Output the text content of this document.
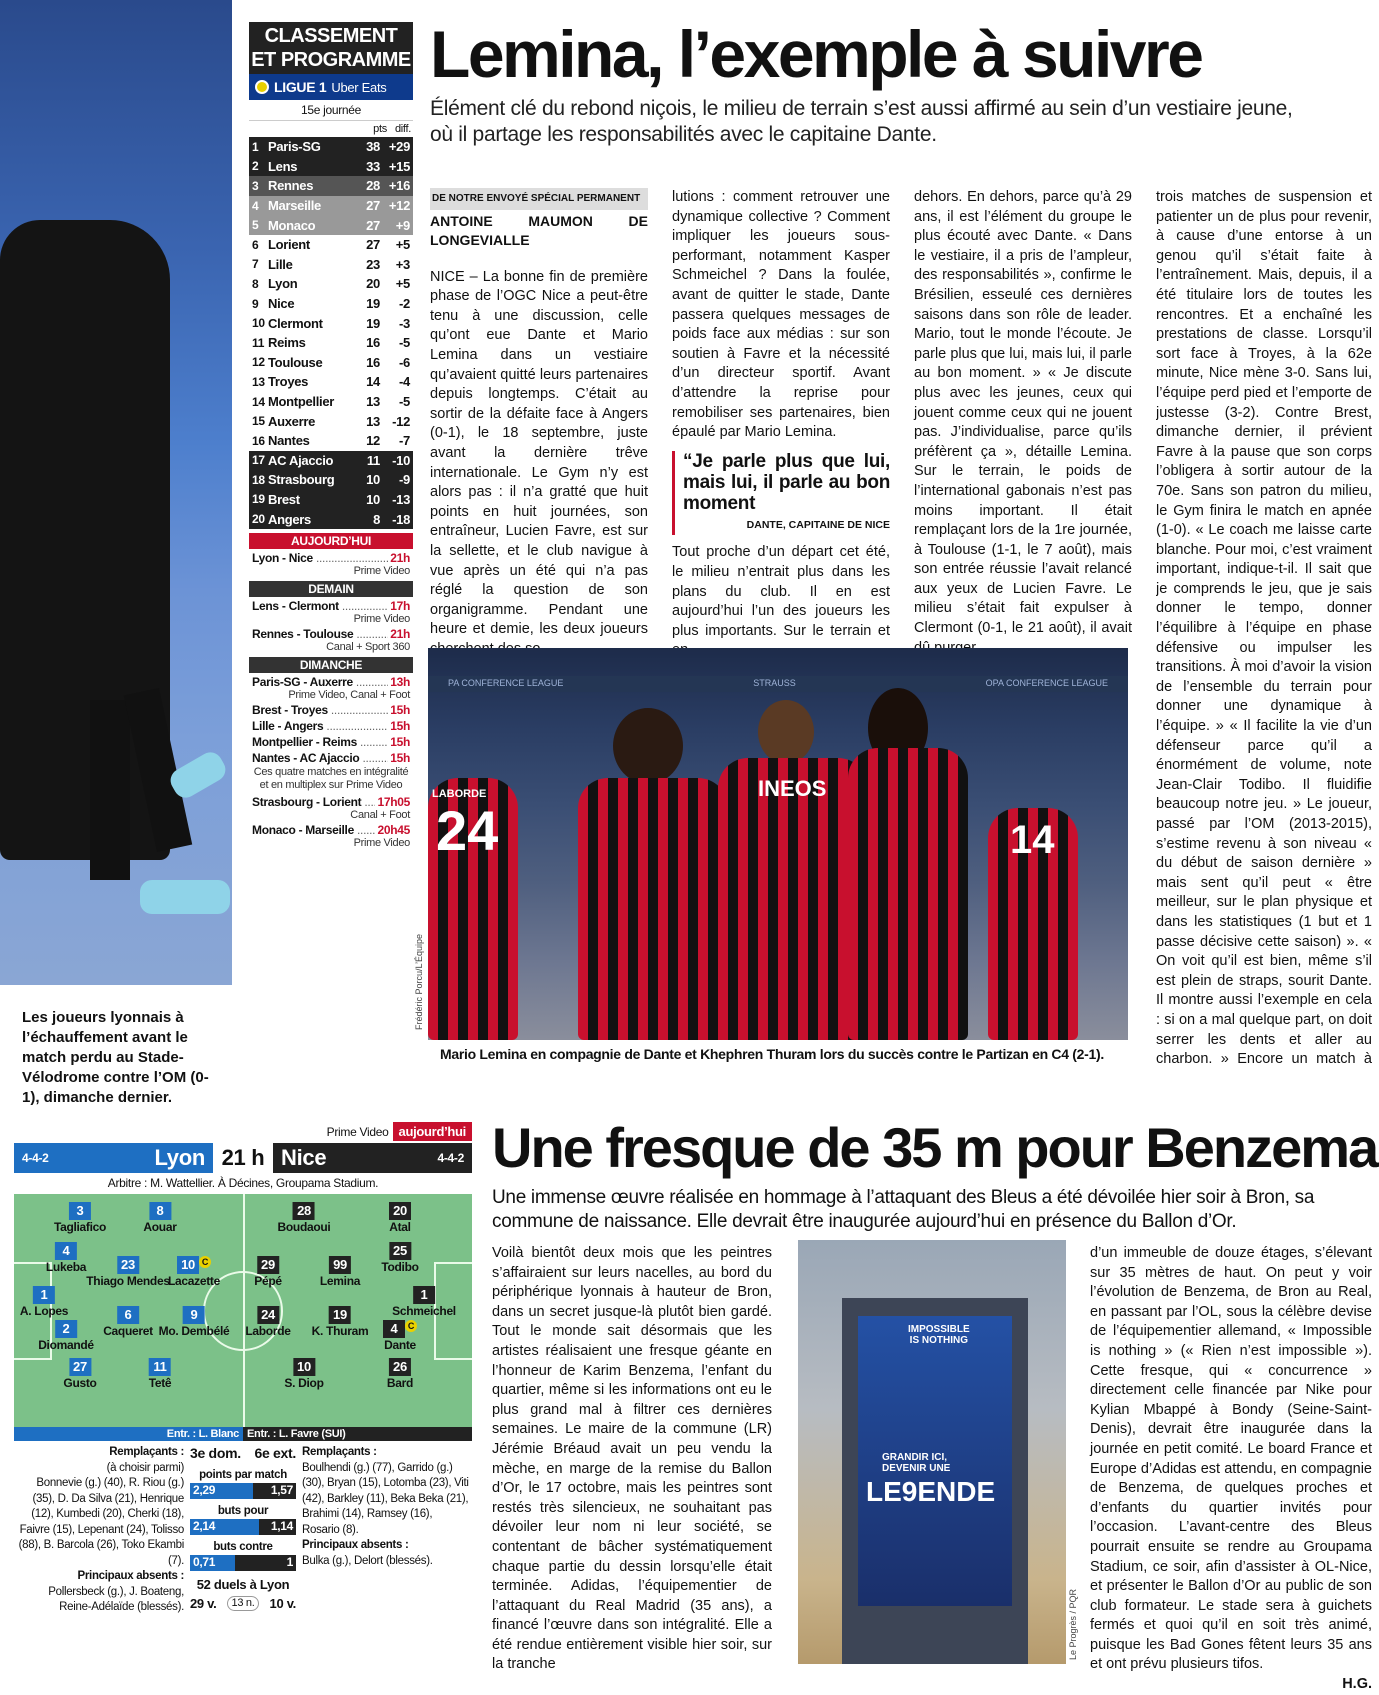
Les joueurs lyonnais à l’échauffement avant le match perdu au Stade-Vélodrome contre l’OM (0-1), dimanche dernier.
CLASSEMENT
ET PROGRAMME
LIGUE 1 Uber Eats
15e journée
pts diff.
1 Paris-SG	38 +29
2 Lens	33 +15
3 Rennes	28 +16
4 Marseille	27 +12
5 Monaco	27	+9
6 Lorient	27	+5
7 Lille	23	+3
8 Lyon	20	+5
9 Nice	19	-2
10 Clermont	19	-3
11 Reims	16	-5
12 Toulouse	16	-6
13 Troyes	14	-4
14 Montpellier	13	-5
15 Auxerre	13 -12
16 Nantes	12	-7
17 AC Ajaccio	11 -10
18 Strasbourg	10	-9
19 Brest	10 -13
20 Angers	8 -18
AUJOURD’HUI
Lyon - Nice .....	21h
Prime Video
DEMAIN
Lens - Clermont .....	17h
Prime Video
Rennes - Toulouse .....	21h
Canal + Sport 360
DIMANCHE
Paris-SG - Auxerre .....	13h
Prime Video, Canal + Foot
Brest - Troyes .....	15h
Lille - Angers .....	15h
Montpellier - Reims .....	15h
Nantes - AC Ajaccio .....	15h
Ces quatre matches en intégralité et en multiplex sur Prime Video
Strasbourg - Lorient .....	17h05
Canal + Foot
Monaco - Marseille .....	20h45
Prime Video
Lemina, l’exemple à suivre
Élément clé du rebond niçois, le milieu de terrain s’est aussi affirmé au sein d’un vestiaire jeune, où il partage les responsabilités avec le capitaine Dante.
DE NOTRE ENVOYÉ SPÉCIAL PERMANENT
ANTOINE MAUMON DE LONGEVIALLE
NICE – La bonne fin de première phase de l’OGC Nice a peut-être tenu à une discussion, celle qu’ont eue Dante et Mario Lemina dans un vestiaire qu’avaient quitté leurs partenaires depuis longtemps. C’était au sortir de la défaite face à Angers (0-1), le 18 septembre, juste avant la dernière trêve internationale. Le Gym n’y est alors pas : il n’a gratté que huit points en huit journées, son entraîneur, Lucien Favre, est sur la sellette, et le club navigue à vue après un été qui n’a pas réglé la question de son organigramme. Pendant une heure et demie, les deux joueurs
lutions : comment retrouver une dynamique collective ? Comment impliquer les joueurs sous-performant, notamment Kasper Schmeichel ? Dans la foulée, avant de quitter le stade, Dante passera quelques messages de poids face aux médias : sur son soutien à Favre et la nécessité d’un directeur sportif. Avant d’attendre la reprise pour remobiliser ses partenaires, bien épaulé par Mario Lemina.
“Je parle plus que lui, mais lui, il parle au bon moment
DANTE, CAPITAINE DE NICE
Tout proche d’un départ cet été, le milieu n’entrait plus dans les plans du club. Il en est aujourd’hui l’un des joueurs les plus importants. Sur le terrain et
dehors. En dehors, parce qu’à 29 ans, il est l’élément du groupe le plus écouté avec Dante. « Dans le vestiaire, il a pris de l’ampleur, des responsabilités », confirme le Brésilien, esseulé ces dernières saisons dans son rôle de leader. Mario, tout le monde l’écoute. Je parle plus que lui, mais lui, il parle au bon moment. » « Je discute plus avec les jeunes, ceux qui jouent comme ceux qui ne jouent pas. J’individualise, parce qu’ils préfèrent ça », détaille Lemina. Sur le terrain, le poids de l’international gabonais n’est pas moins important. Il était remplaçant lors de la 1re journée, à Toulouse (1-1, le 7 août), mais son entrée réussie l’avait relancé aux yeux de Lucien Favre. Le milieu s’était fait expulser à Clermont (0-1, le 21 août), il avait
trois matches de suspension et patienter un de plus pour revenir, à cause d’une entorse à un genou qu’il s’était faite à l’entraînement. Mais, depuis, il a été titulaire lors de toutes les rencontres. Et a enchaîné les prestations de classe. Lorsqu’il sort face à Troyes, à la 62e minute, Nice mène 3-0. Sans lui, l’équipe perd pied et l’emporte de justesse (3-2). Contre Brest, dimanche dernier, il prévient Favre à la pause que son corps l’obligera à sortir autour de la 70e. Sans son patron du milieu, le Gym finira le match en apnée (1-0). « Le coach me laisse carte blanche. Pour moi, c’est vraiment important, indique-t-il. Il sait que je comprends le jeu, que je sais donner le tempo, donner l’équilibre à l’équipe en phase défensive ou impulser les transitions. À moi d’avoir la vision de l’ensemble du terrain pour donner une dynamique à l’équipe. » « Il facilite la vie d’un défenseur parce qu’il a énormément de volume, note Jean-Clair Todibo. Il fluidifie beaucoup notre jeu. » Le joueur, passé par l’OM (2013-2015), s’estime revenu à son niveau « du début de saison dernière » mais sent qu’il peut « être meilleur, sur le plan physique et dans les statistiques (1 but et 1 passe décisive cette saison) ». « On voit qu’il est bien, même s’il est plein de straps, sourit Dante. Il montre aussi l’exemple en cela : si on a mal quelque part, on doit serrer les dents et aller au charbon. » Encore un match à
PA CONFERENCE LEAGUE	STRAUSS	OPA CONFERENCE LEAGUE
LABORDE
24
INEOS
14
Frédéric Porcu/L’Équipe
Mario Lemina en compagnie de Dante et Khephren Thuram lors du succès contre le Partizan en C4 (2-1).
Prime Video aujourd’hui
4-4-2	Lyon 21 h Nice	4-4-2
Arbitre : M. Wattellier. À Décines, Groupama Stadium.
3
Tagliafico
8
Aouar
4
Lukeba	23
Thiago Mendes
10 C
Lacazette
1
A. Lopes	6
Caqueret
9
Mo. Dembélé
2
Diomandé
27
Gusto
11
Tetê
28
Boudaoui
20
Atal
25
Todibo
29
Pépé
99
Lemina
1
Schmeichel
24
Laborde
19
K. Thuram	4 C
Dante
10
S. Diop
26
Bard
Entr. : L. Blanc Entr. : L. Favre (SUI)
Remplaçants :
(à choisir parmi)
Bonnevie (g.) (40), R. Riou (g.) (35), D. Da Silva (21), Henrique (12), Kumbedi (20), Cherki (18), Faivre (15), Lepenant (24), Tolisso (88), B. Barcola (26), Toko Ekambi (7).
Principaux absents :
Pollersbeck (g.), J. Boateng, Reine-Adélaïde (blessés).
3e dom. 6e ext.
points par match
2,29	1,57
buts pour
2,14	1,14
buts contre
0,71	1
52 duels à Lyon
29 v.	13 n.	10 v.
Remplaçants :
Boulhendi (g.) (77), Garrido (g.) (30), Bryan (15), Lotomba (23), Viti (42), Barkley (11), Beka Beka (21), Brahimi (14), Ramsey (16), Rosario (8).
Principaux absents :
Bulka (g.), Delort (blessés).
Une fresque de 35 m pour Benzema
Une immense œuvre réalisée en hommage à l’attaquant des Bleus a été dévoilée hier soir à Bron, sa commune de naissance. Elle devrait être inaugurée aujourd’hui en présence du Ballon d’Or.
Voilà bientôt deux mois que les peintres s’affairaient sur leurs nacelles, au bord du périphérique lyonnais à hauteur de Bron, dans un secret jusque-là plutôt bien gardé. Tout le monde sait désormais que les artistes réalisaient une fresque géante en l’honneur de Karim Benzema, l’enfant du quartier, même si les informations ont eu le plus grand mal à filtrer ces dernières semaines. Le maire de la commune (LR) Jérémie Bréaud avait un peu vendu la mèche, en marge de la remise du Ballon d’Or, le 17 octobre, mais les peintres sont restés très silencieux, ne souhaitant pas dévoiler leur nom ni leur société, se contentant de bâcher systématiquement chaque partie du dessin lorsqu’elle était terminée. Adidas, l’équipementier de l’attaquant du Real Madrid (35 ans), a financé l’œuvre dans son intégralité. Elle a été rendue entièrement visible hier soir, sur la tranche
IMPOSSIBLE
IS NOTHING
GRANDIR ICI,
DEVENIR UNE
LE9ENDE
Le Progrès / PQR
d’un immeuble de douze étages, s’élevant sur 35 mètres de haut. On peut y voir l’évolution de Benzema, de Bron au Real, en passant par l’OL, sous la célèbre devise de l’équipementier allemand, « Impossible is nothing » (« Rien n’est impossible »). Cette fresque, qui « concurrence » directement celle financée par Nike pour Kylian Mbappé à Bondy (Seine-Saint-Denis), devrait être inaugurée dans la journée en petit comité. Le board France et Europe d’Adidas est attendu, en compagnie de Benzema, de quelques proches et d’enfants du quartier invités pour l’occasion. L’avant-centre des Bleus pourrait ensuite se rendre au Groupama Stadium, ce soir, afin d’assister à OL-Nice, et présenter le Ballon d’Or au public de son club formateur. Le stade sera à guichets fermés et quoi qu’il en soit très animé, puisque les Bad Gones fêtent leurs 35 ans et ont prévu plusieurs tifos.
H.G.
